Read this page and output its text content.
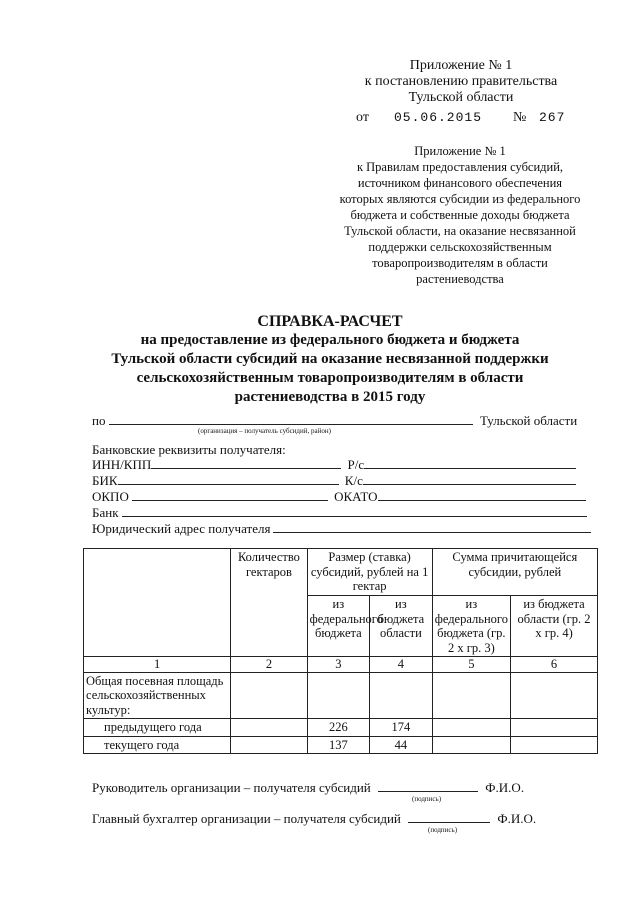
Приложение № 1
к постановлению правительства
Тульской области
от 05.06.2015 № 267
Приложение № 1
к Правилам предоставления субсидий,
источником финансового обеспечения
которых являются субсидии из федерального
бюджета и собственные доходы бюджета
Тульской области, на оказание несвязанной
поддержки сельскохозяйственным
товаропроизводителям в области
растениеводства
СПРАВКА-РАСЧЕТ
на предоставление из федерального бюджета и бюджета
Тульской области субсидий на оказание несвязанной поддержки
сельскохозяйственным товаропроизводителям в области
растениеводства в 2015 году
по	Тульской области
(организация – получатель субсидий, район)
Банковские реквизиты получателя:
ИНН/КПП	Р/с
БИК	К/с
ОКПО	ОКАТО
Банк
Юридический адрес получателя
	Количество гектаров	Размер (ставка) субсидий, рублей на 1 гектар		Сумма причитающейся субсидии, рублей	
		из федерального бюджета	из бюджета области	из федерального бюджета (гр. 2 х гр. 3)	из бюджета области (гр. 2 х гр. 4)
1	2	3	4	5	6
Общая посевная площадь сельскохозяйственных культур:					
предыдущего года		226	174		
текущего года		137	44		
Руководитель организации – получателя субсидий	Ф.И.О.
(подпись)
Главный бухгалтер организации – получателя субсидий	Ф.И.О.
(подпись)
